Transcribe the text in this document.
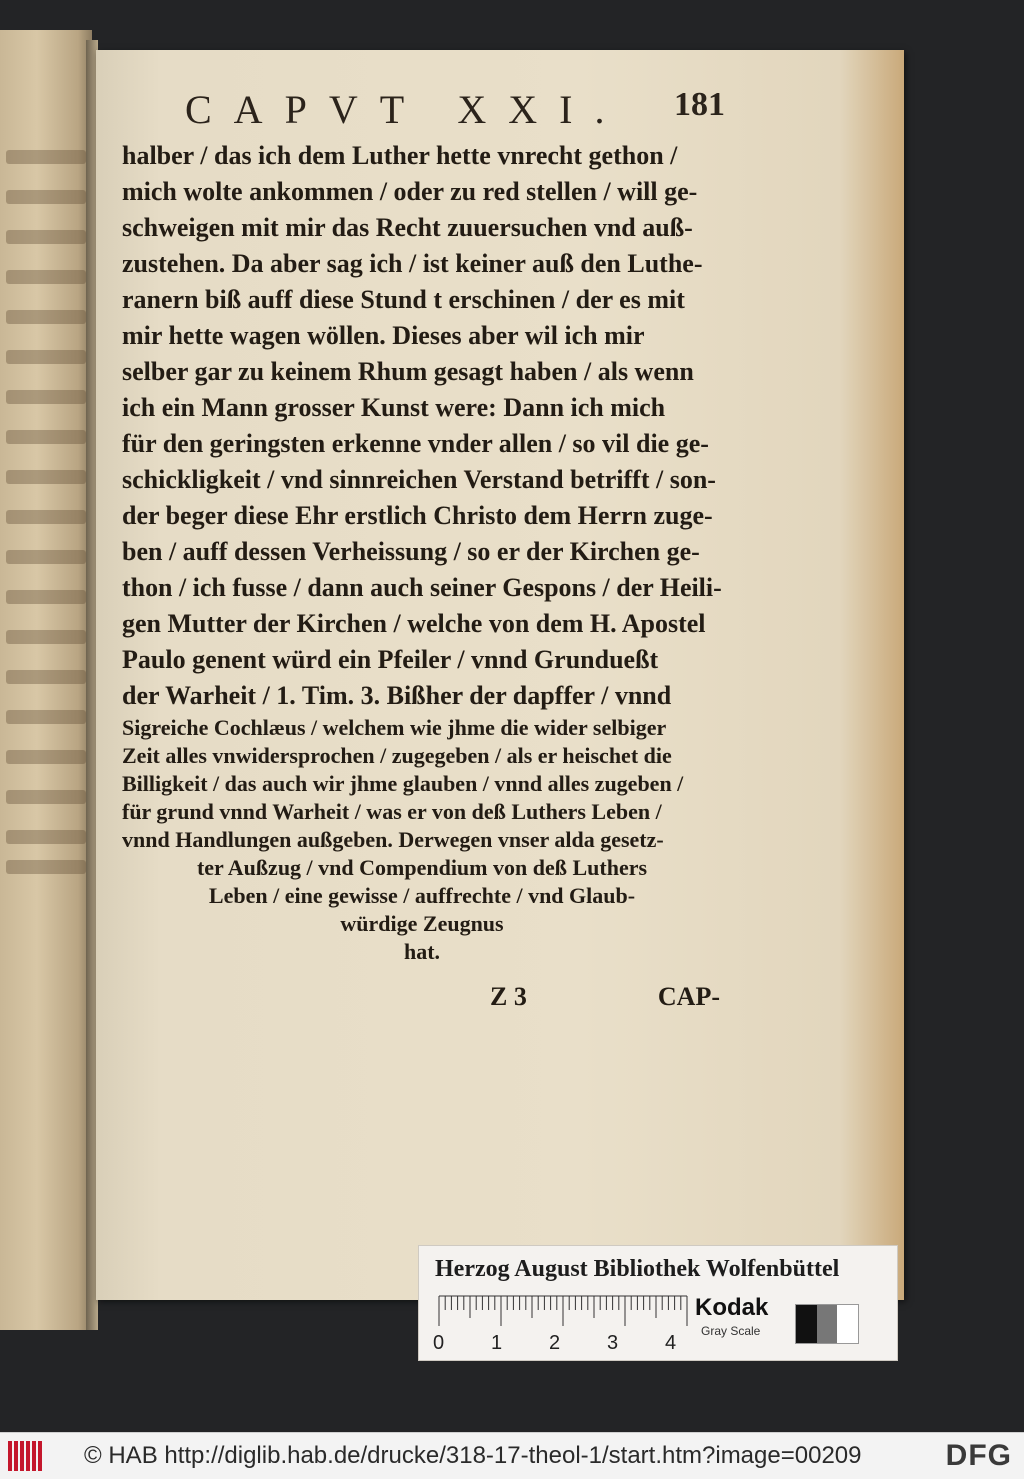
CAPVT XXI. 181
halber / das ich dem Luther hette vnrecht gethon /
mich wolte ankommen / oder zu red stellen / will ge-
schweigen mit mir das Recht zuuersuchen vnd auß-
zustehen. Da aber sag ich / ist keiner auß den Luthe-
ranern biß auff diese Stund t erschinen / der es mit
mir hette wagen wöllen. Dieses aber wil ich mir
selber gar zu keinem Rhum gesagt haben / als wenn
ich ein Mann grosser Kunst were: Dann ich mich
für den geringsten erkenne vnder allen / so vil die ge-
schickligkeit / vnd sinnreichen Verstand betrifft / son-
der beger diese Ehr erstlich Christo dem Herrn zuge-
ben / auff dessen Verheissung / so er der Kirchen ge-
thon / ich fusse / dann auch seiner Gespons / der Heili-
gen Mutter der Kirchen / welche von dem H. Apostel
Paulo genent würd ein Pfeiler / vnnd Grundueßt
der Warheit / 1. Tim. 3. Bißher der dapffer / vnnd
Sigreiche Cochlæus / welchem wie jhme die wider selbiger
Zeit alles vnwidersprochen / zugegeben / als er heischet die
Billigkeit / das auch wir jhme glauben / vnnd alles zugeben /
für grund vnnd Warheit / was er von deß Luthers Leben /
vnnd Handlungen außgeben. Derwegen vnser alda gesetz-
ter Außzug / vnd Compendium von deß Luthers
Leben / eine gewisse / auffrechte / vnd Glaub-
würdige Zeugnus
hat.
Z 3	CAP-
Herzog August Bibliothek Wolfenbüttel
0 1 2 3 4
Kodak
Gray Scale
© HAB http://diglib.hab.de/drucke/318-17-theol-1/start.htm?image=00209	DFG
